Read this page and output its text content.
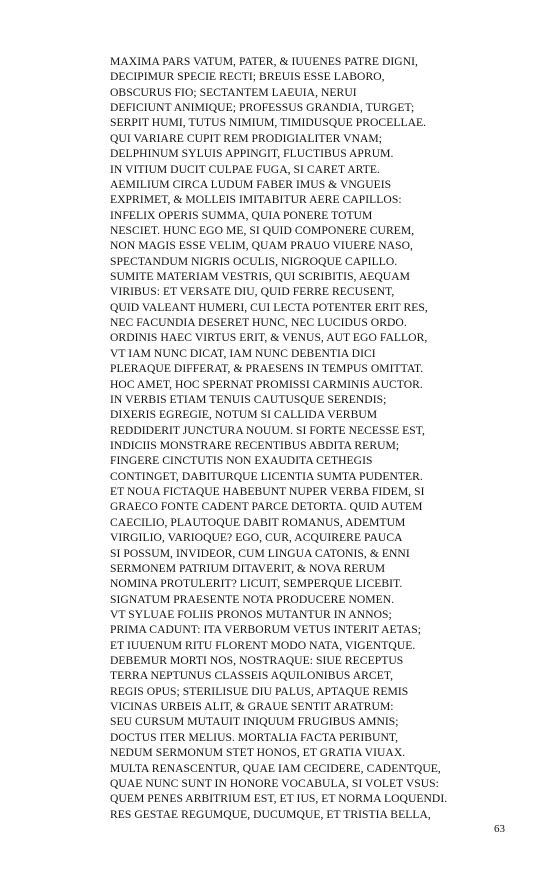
MAXIMA PARS VATUM, PATER, & IUUENES PATRE DIGNI,
DECIPIMUR SPECIE RECTI; BREUIS ESSE LABORO,
OBSCURUS FIO; SECTANTEM LAEUIA, NERUI
DEFICIUNT ANIMIQUE; PROFESSUS GRANDIA, TURGET;
SERPIT HUMI, TUTUS NIMIUM, TIMIDUSQUE PROCELLAE.
QUI VARIARE CUPIT REM PRODIGIALITER VNAM;
DELPHINUM SYLUIS APPINGIT, FLUCTIBUS APRUM.
IN VITIUM DUCIT CULPAE FUGA, SI CARET ARTE.
AEMILIUM CIRCA LUDUM FABER IMUS & VNGUEIS
EXPRIMET, & MOLLEIS IMITABITUR AERE CAPILLOS:
INFELIX OPERIS SUMMA, QUIA PONERE TOTUM
NESCIET. HUNC EGO ME, SI QUID COMPONERE CUREM,
NON MAGIS ESSE VELIM, QUAM PRAUO VIUERE NASO,
SPECTANDUM NIGRIS OCULIS, NIGROQUE CAPILLO.
SUMITE MATERIAM VESTRIS, QUI SCRIBITIS, AEQUAM
VIRIBUS: ET VERSATE DIU, QUID FERRE RECUSENT,
QUID VALEANT HUMERI, CUI LECTA POTENTER ERIT RES,
NEC FACUNDIA DESERET HUNC, NEC LUCIDUS ORDO.
ORDINIS HAEC VIRTUS ERIT, & VENUS, AUT EGO FALLOR,
VT IAM NUNC DICAT, IAM NUNC DEBENTIA DICI
PLERAQUE DIFFERAT, & PRAESENS IN TEMPUS OMITTAT.
HOC AMET, HOC SPERNAT PROMISSI CARMINIS AUCTOR.
IN VERBIS ETIAM TENUIS CAUTUSQUE SERENDIS;
DIXERIS EGREGIE, NOTUM SI CALLIDA VERBUM
REDDIDERIT JUNCTURA NOUUM. SI FORTE NECESSE EST,
INDICIIS MONSTRARE RECENTIBUS ABDITA RERUM;
FINGERE CINCTUTIS NON EXAUDITA CETHEGIS
CONTINGET, DABITURQUE LICENTIA SUMTA PUDENTER.
ET NOUA FICTAQUE HABEBUNT NUPER VERBA FIDEM, SI
GRAECO FONTE CADENT PARCE DETORTA. QUID AUTEM
CAECILIO, PLAUTOQUE DABIT ROMANUS, ADEMTUM
VIRGILIO, VARIOQUE? EGO, CUR, ACQUIRERE PAUCA
SI POSSUM, INVIDEOR, CUM LINGUA CATONIS, & ENNI
SERMONEM PATRIUM DITAVERIT, & NOVA RERUM
NOMINA PROTULERIT? LICUIT, SEMPERQUE LICEBIT.
SIGNATUM PRAESENTE NOTA PRODUCERE NOMEN.
VT SYLUAE FOLIIS PRONOS MUTANTUR IN ANNOS;
PRIMA CADUNT: ITA VERBORUM VETUS INTERIT AETAS;
ET IUUENUM RITU FLORENT MODO NATA, VIGENTQUE.
DEBEMUR MORTI NOS, NOSTRAQUE: SIUE RECEPTUS
TERRA NEPTUNUS CLASSEIS AQUILONIBUS ARCET,
REGIS OPUS; STERILISUE DIU PALUS, APTAQUE REMIS
VICINAS URBEIS ALIT, & GRAUE SENTIT ARATRUM:
SEU CURSUM MUTAUIT INIQUUM FRUGIBUS AMNIS;
DOCTUS ITER MELIUS. MORTALIA FACTA PERIBUNT,
NEDUM SERMONUM STET HONOS, ET GRATIA VIUAX.
MULTA RENASCENTUR, QUAE IAM CECIDERE, CADENTQUE,
QUAE NUNC SUNT IN HONORE VOCABULA, SI VOLET VSUS:
QUEM PENES ARBITRIUM EST, ET IUS, ET NORMA LOQUENDI.
RES GESTAE REGUMQUE, DUCUMQUE, ET TRISTIA BELLA,
63
